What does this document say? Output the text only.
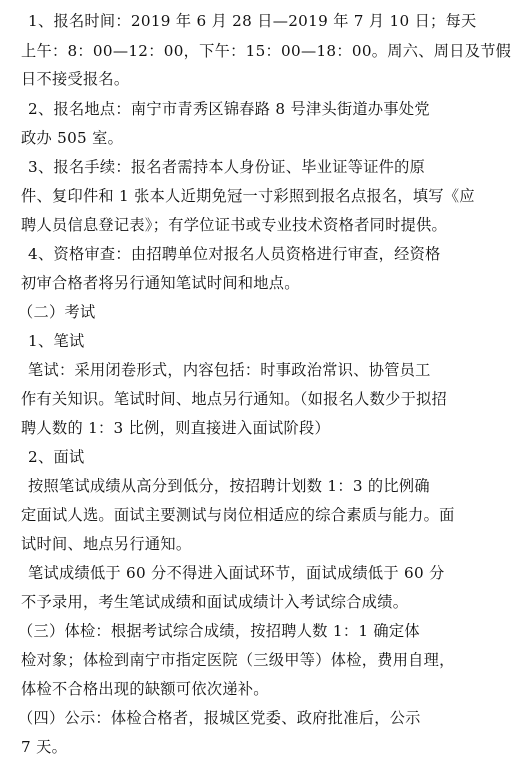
1、报名时间：2019 年 6 月 28 日—2019 年 7 月 10 日；每天
上午：8：00—12：00，下午：15：00—18：00。周六、周日及节假
日不接受报名。
2、报名地点：南宁市青秀区锦春路 8 号津头街道办事处党
政办 505 室。
3、报名手续：报名者需持本人身份证、毕业证等证件的原
件、复印件和 1 张本人近期免冠一寸彩照到报名点报名，填写《应
聘人员信息登记表》；有学位证书或专业技术资格者同时提供。
4、资格审查：由招聘单位对报名人员资格进行审查，经资格
初审合格者将另行通知笔试时间和地点。
（二）考试
1、笔试
笔试：采用闭卷形式，内容包括：时事政治常识、协管员工
作有关知识。笔试时间、地点另行通知。（如报名人数少于拟招
聘人数的 1：3 比例，则直接进入面试阶段）
2、面试
按照笔试成绩从高分到低分，按招聘计划数 1：3 的比例确
定面试人选。面试主要测试与岗位相适应的综合素质与能力。面
试时间、地点另行通知。
笔试成绩低于 60 分不得进入面试环节，面试成绩低于 60 分
不予录用，考生笔试成绩和面试成绩计入考试综合成绩。
（三）体检：根据考试综合成绩，按招聘人数 1：1 确定体
检对象；体检到南宁市指定医院（三级甲等）体检，费用自理，
体检不合格出现的缺额可依次递补。
（四）公示：体检合格者，报城区党委、政府批准后，公示
7 天。
